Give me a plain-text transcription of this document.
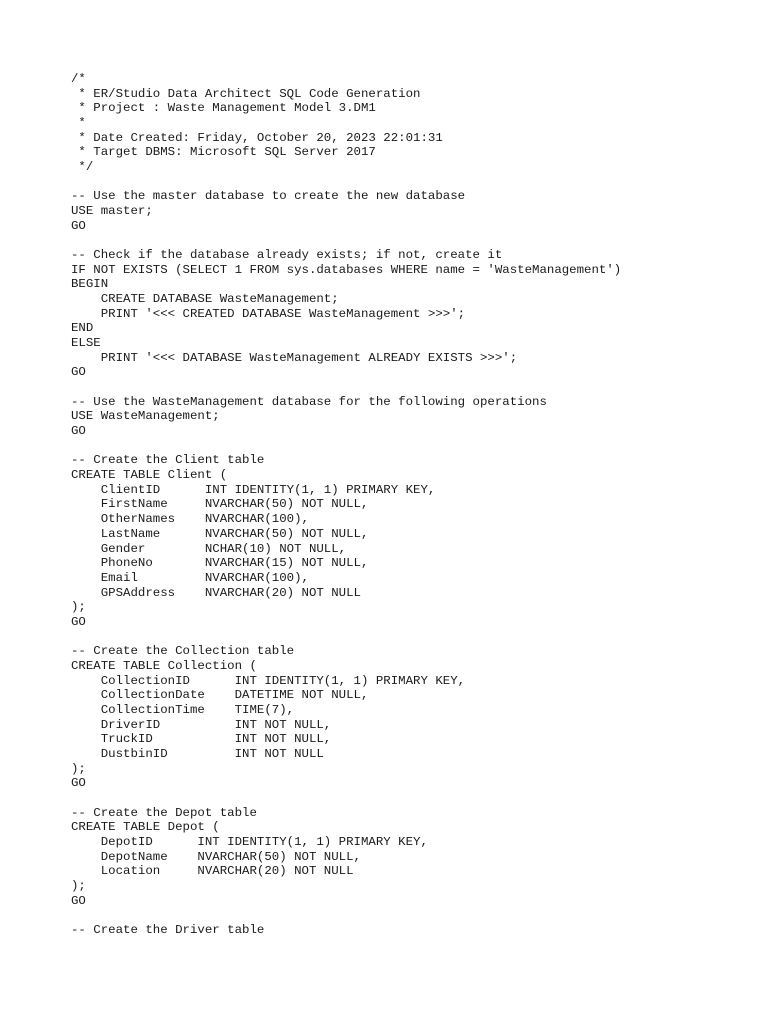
/*
* ER/Studio Data Architect SQL Code Generation
* Project : Waste Management Model 3.DM1
*
* Date Created: Friday, October 20, 2023 22:01:31
* Target DBMS: Microsoft SQL Server 2017
*/
-- Use the master database to create the new database
USE master;
GO
-- Check if the database already exists; if not, create it
IF NOT EXISTS (SELECT 1 FROM sys.databases WHERE name = 'WasteManagement')
BEGIN
CREATE DATABASE WasteManagement;
PRINT '<<< CREATED DATABASE WasteManagement >>>';
END
ELSE
PRINT '<<< DATABASE WasteManagement ALREADY EXISTS >>>';
GO
-- Use the WasteManagement database for the following operations
USE WasteManagement;
GO
-- Create the Client table
CREATE TABLE Client (
ClientID      INT IDENTITY(1, 1) PRIMARY KEY,
FirstName     NVARCHAR(50) NOT NULL,
OtherNames    NVARCHAR(100),
LastName      NVARCHAR(50) NOT NULL,
Gender        NCHAR(10) NOT NULL,
PhoneNo       NVARCHAR(15) NOT NULL,
Email         NVARCHAR(100),
GPSAddress    NVARCHAR(20) NOT NULL
);
GO
-- Create the Collection table
CREATE TABLE Collection (
CollectionID      INT IDENTITY(1, 1) PRIMARY KEY,
CollectionDate    DATETIME NOT NULL,
CollectionTime    TIME(7),
DriverID          INT NOT NULL,
TruckID           INT NOT NULL,
DustbinID         INT NOT NULL
);
GO
-- Create the Depot table
CREATE TABLE Depot (
DepotID      INT IDENTITY(1, 1) PRIMARY KEY,
DepotName    NVARCHAR(50) NOT NULL,
Location     NVARCHAR(20) NOT NULL
);
GO
-- Create the Driver table
